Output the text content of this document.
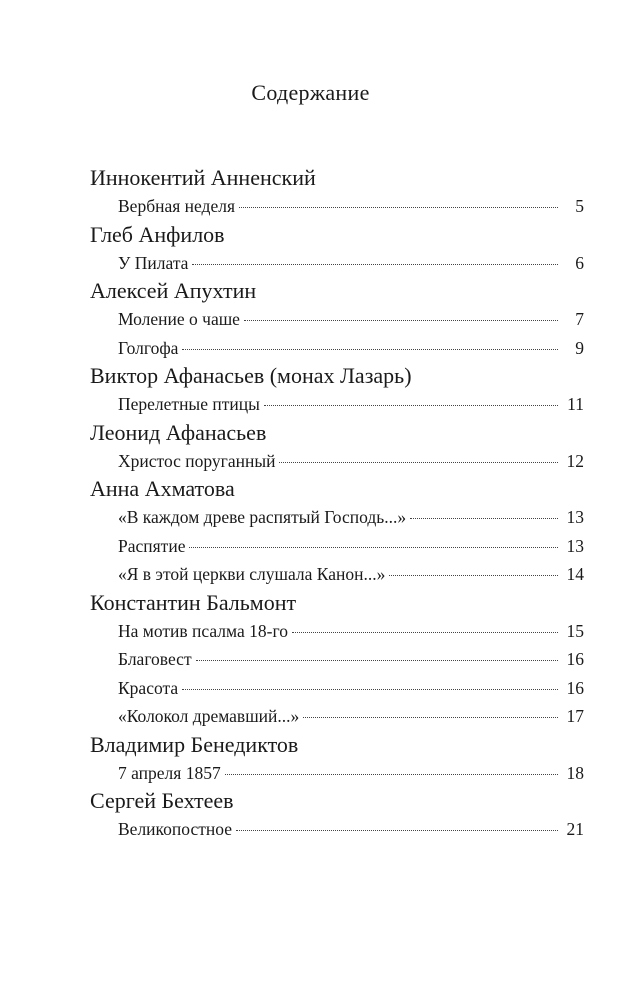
Содержание
Иннокентий Анненский
Вербная неделя	5
Глеб Анфилов
У Пилата	6
Алексей Апухтин
Моление о чаше	7
Голгофа	9
Виктор Афанасьев (монах Лазарь)
Перелетные птицы	11
Леонид Афанасьев
Христос поруганный	12
Анна Ахматова
«В каждом древе распятый Господь...»	13
Распятие	13
«Я в этой церкви слушала Канон...»	14
Константин Бальмонт
На мотив псалма 18-го	15
Благовест	16
Красота	16
«Колокол дремавший...»	17
Владимир Бенедиктов
7 апреля 1857	18
Сергей Бехтеев
Великопостное	21
